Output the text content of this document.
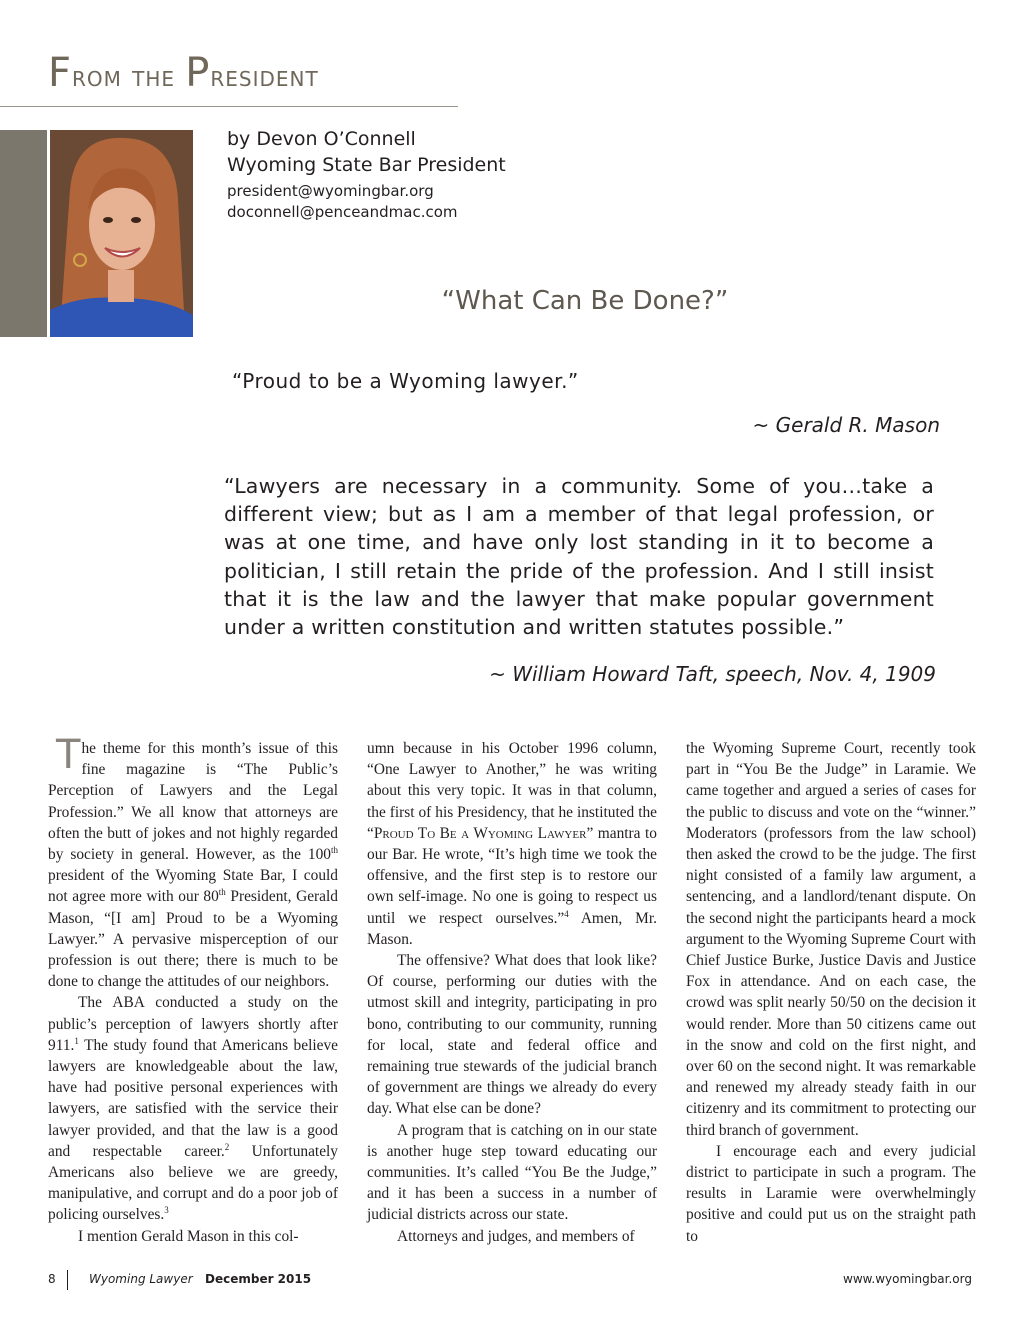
From the President
by Devon O’Connell
Wyoming State Bar President
president@wyomingbar.org
doconnell@penceandmac.com
“What Can Be Done?”
“Proud to be a Wyoming lawyer.”
~ Gerald R. Mason
“Lawyers are necessary in a community. Some of you…take a different view; but as I am a member of that legal profession, or was at one time, and have only lost standing in it to become a politician, I still retain the pride of the profession. And I still insist that it is the law and the lawyer that make popular government under a written constitution and written statutes possible.”
~ William Howard Taft, speech, Nov. 4, 1909

The theme for this month’s issue of this fine magazine is “The Public’s Perception of Lawyers and the Legal Profession.” We all know that attorneys are often the butt of jokes and not highly regarded by society in general. However, as the 100th president of the Wyoming State Bar, I could not agree more with our 80th President, Gerald Mason, “[I am] Proud to be a Wyoming Lawyer.” A pervasive misperception of our profession is out there; there is much to be done to change the attitudes of our neighbors.

The ABA conducted a study on the public’s perception of lawyers shortly after 911.$^1$ The study found that Americans believe lawyers are knowledgeable about the law, have had positive personal experiences with lawyers, are satisfied with the service their lawyer provided, and that the law is a good and respectable career.$^2$ Unfortunately Americans also believe we are greedy, manipulative, and corrupt and do a poor job of policing ourselves.$^3$

I mention Gerald Mason in this col-

umn because in his October 1996 column, “One Lawyer to Another,” he was writing about this very topic. It was in that column, the first of his Presidency, that he instituted the “Proud To Be a Wyoming Lawyer” mantra to our Bar. He wrote, “It’s high time we took the offensive, and the first step is to restore our own self-image. No one is going to respect us until we respect ourselves.”$^4$ Amen, Mr. Mason.

The offensive? What does that look like? Of course, performing our duties with the utmost skill and integrity, participating in pro bono, contributing to our community, running for local, state and federal office and remaining true stewards of the judicial branch of government are things we already do every day. What else can be done?

A program that is catching on in our state is another huge step toward educating our communities. It’s called “You Be the Judge,” and it has been a success in a number of judicial districts across our state.

Attorneys and judges, and members of

the Wyoming Supreme Court, recently took part in “You Be the Judge” in Laramie. We came together and argued a series of cases for the public to discuss and vote on the “winner.” Moderators (professors from the law school) then asked the crowd to be the judge. The first night consisted of a family law argument, a sentencing, and a landlord/tenant dispute. On the second night the participants heard a mock argument to the Wyoming Supreme Court with Chief Justice Burke, Justice Davis and Justice Fox in attendance. And on each case, the crowd was split nearly 50/50 on the decision it would render. More than 50 citizens came out in the snow and cold on the first night, and over 60 on the second night. It was remarkable and renewed my already steady faith in our citizenry and its commitment to protecting our third branch of government.

I encourage each and every judicial district to participate in such a program. The results in Laramie were overwhelmingly positive and could put us on the straight path to

8	Wyoming Lawyer December 2015	www.wyomingbar.org
